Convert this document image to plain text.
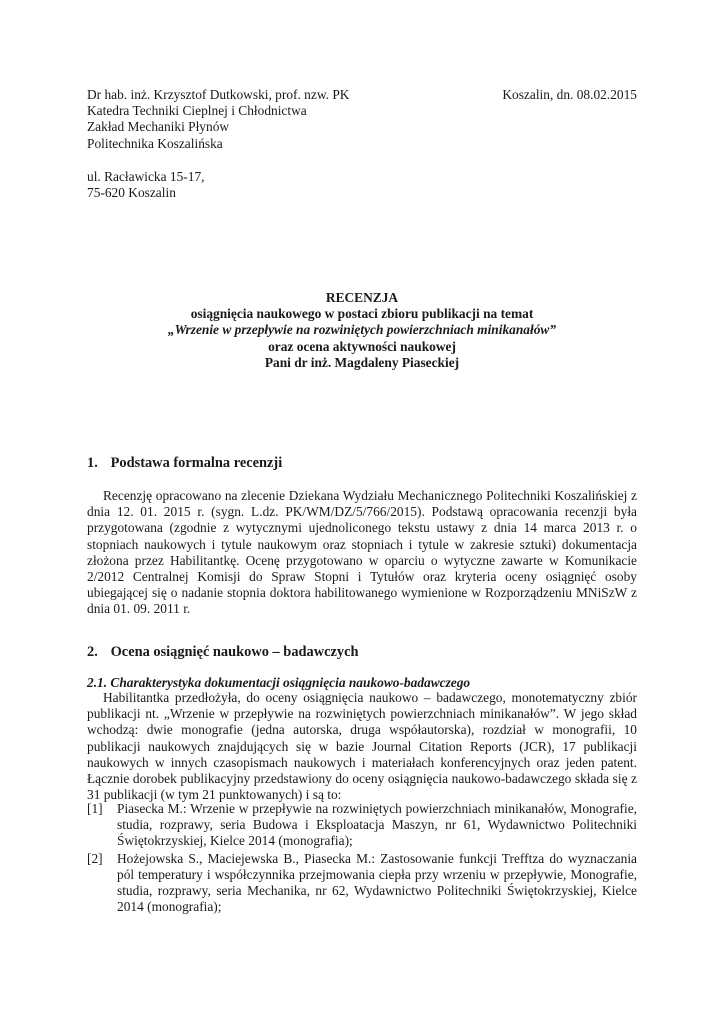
Dr hab. inż. Krzysztof Dutkowski, prof. nzw. PK
Katedra Techniki Cieplnej i Chłodnictwa
Zakład Mechaniki Płynów
Politechnika Koszalińska
Koszalin, dn. 08.02.2015
ul. Racławicka 15-17,
75-620 Koszalin
RECENZJA
osiągnięcia naukowego w postaci zbioru publikacji na temat
„Wrzenie w przepływie na rozwiniętych powierzchniach minikanałów”
oraz ocena aktywności naukowej
Pani dr inż. Magdaleny Piaseckiej
1. Podstawa formalna recenzji

Recenzję opracowano na zlecenie Dziekana Wydziału Mechanicznego Politechniki Koszalińskiej z dnia 12. 01. 2015 r. (sygn. L.dz. PK/WM/DZ/5/766/2015). Podstawą opracowania recenzji była przygotowana (zgodnie z wytycznymi ujednoliconego tekstu ustawy z dnia 14 marca 2013 r. o stopniach naukowych i tytule naukowym oraz stopniach i tytule w zakresie sztuki) dokumentacja złożona przez Habilitantkę. Ocenę przygotowano w oparciu o wytyczne zawarte w Komunikacie 2/2012 Centralnej Komisji do Spraw Stopni i Tytułów oraz kryteria oceny osiągnięć osoby ubiegającej się o nadanie stopnia doktora habilitowanego wymienione w Rozporządzeniu MNiSzW z dnia 01. 09. 2011 r.

2. Ocena osiągnięć naukowo – badawczych
2.1. Charakterystyka dokumentacji osiągnięcia naukowo-badawczego

Habilitantka przedłożyła, do oceny osiągnięcia naukowo – badawczego, monotematyczny zbiór publikacji nt. „Wrzenie w przepływie na rozwiniętych powierzchniach minikanałów”. W jego skład wchodzą: dwie monografie (jedna autorska, druga współautorska), rozdział w monografii, 10 publikacji naukowych znajdujących się w bazie Journal Citation Reports (JCR), 17 publikacji naukowych w innych czasopismach naukowych i materiałach konferencyjnych oraz jeden patent. Łącznie dorobek publikacyjny przedstawiony do oceny osiągnięcia naukowo-badawczego składa się z 31 publikacji (w tym 21 punktowanych) i są to:

[1] Piasecka M.: Wrzenie w przepływie na rozwiniętych powierzchniach minikanałów, Monografie, studia, rozprawy, seria Budowa i Eksploatacja Maszyn, nr 61, Wydawnictwo Politechniki Świętokrzyskiej, Kielce 2014 (monografia);
[2] Hożejowska S., Maciejewska B., Piasecka M.: Zastosowanie funkcji Trefftza do wyznaczania pól temperatury i współczynnika przejmowania ciepła przy wrzeniu w przepływie, Monografie, studia, rozprawy, seria Mechanika, nr 62, Wydawnictwo Politechniki Świętokrzyskiej, Kielce 2014 (monografia);
